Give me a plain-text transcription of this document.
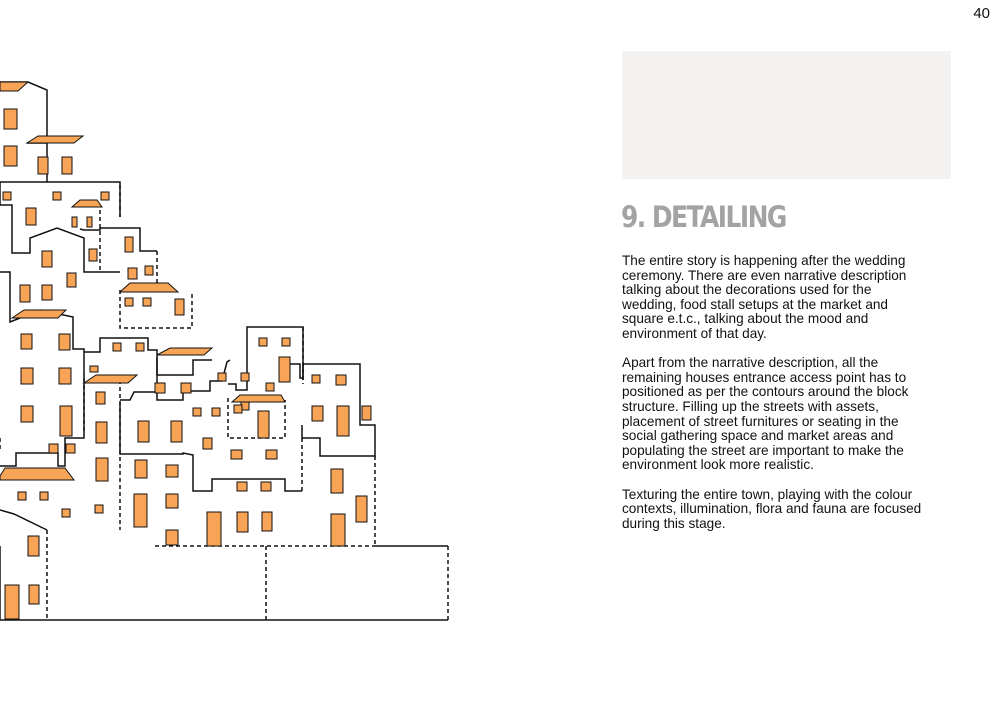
40
9. DETAILING

The entire story is happening after the wedding ceremony. There are even narrative description talking about the decorations used for the wedding, food stall setups at the market and square e.t.c., talking about the mood and environment of that day.

Apart from the narrative description, all the remaining houses entrance access point has to positioned as per the contours around the block structure. Filling up the streets with assets, placement of street furnitures or seating in the social gathering space and market areas and populating the street are important to make the environment look more realistic.

Texturing the entire town, playing with the colour contexts, illumination, flora and fauna are focused during this stage.
